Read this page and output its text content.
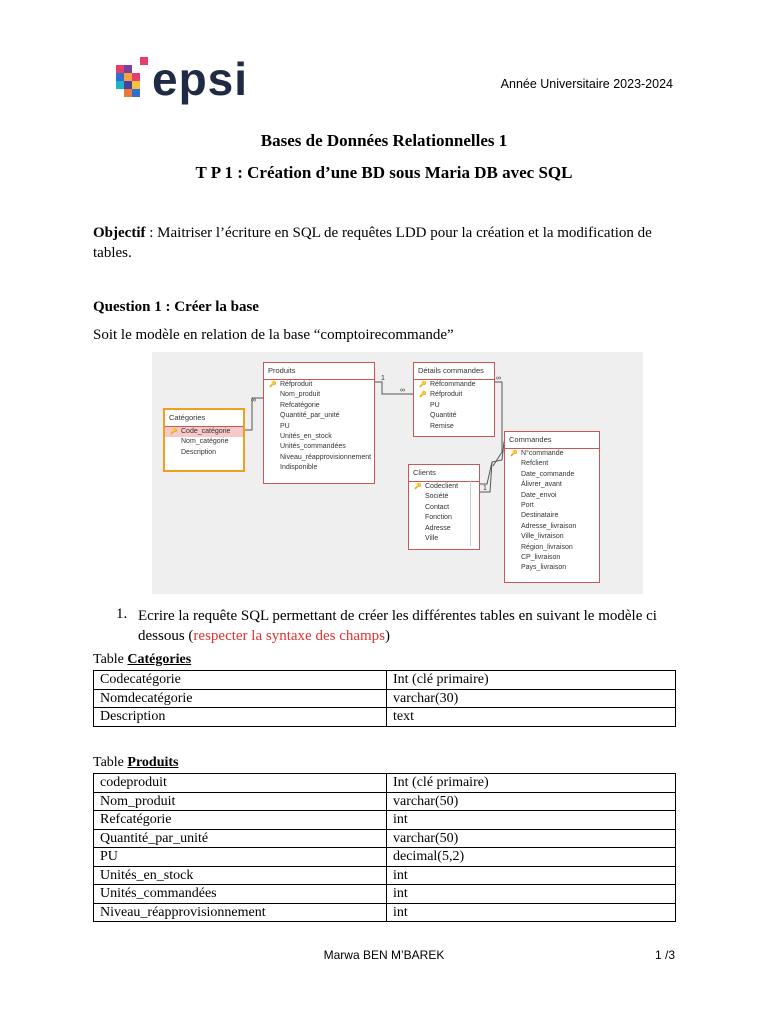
epsi	Année Universitaire 2023-2024
Bases de Données Relationnelles 1
T P 1 : Création d’une BD sous Maria DB avec SQL
Objectif : Maitriser l’écriture en SQL de requêtes LDD pour la création et la modification de tables.
Question 1 : Créer la base
Soit le modèle en relation de la base “comptoirecommande”
1
∞
∞
∞
1
Catégories
🔑 Code_catégorie
Nom_catégorie
Description
Produits
🔑 Réfproduit
Nom_produit
Refcatégorie
Quantité_par_unité
PU
Unités_en_stock
Unités_commandées
Niveau_réapprovisionnement
Indisponible
Détails commandes
🔑 Réfcommande
🔑 Réfproduit
PU
Quantité
Remise
Clients
🔑 Codeclient
Société
Contact
Fonction
Adresse
Ville
Commandes
🔑 N°commande
Refclient
Date_commande
Àlivrer_avant
Date_envoi
Port
Destinataire
Adresse_livraison
Ville_livraison
Région_livraison
CP_livraison
Pays_livraison
1. Ecrire la requête SQL permettant de créer les différentes tables en suivant le modèle ci dessous (respecter la syntaxe des champs)
Table Catégories
Codecatégorie	Int (clé primaire)
Nomdecatégorie	varchar(30)
Description	text
Table Produits
codeproduit	Int (clé primaire)
Nom_produit	varchar(50)
Refcatégorie	int
Quantité_par_unité	varchar(50)
PU	decimal(5,2)
Unités_en_stock	int
Unités_commandées	int
Niveau_réapprovisionnement	int
Marwa BEN M’BAREK	1 /3
